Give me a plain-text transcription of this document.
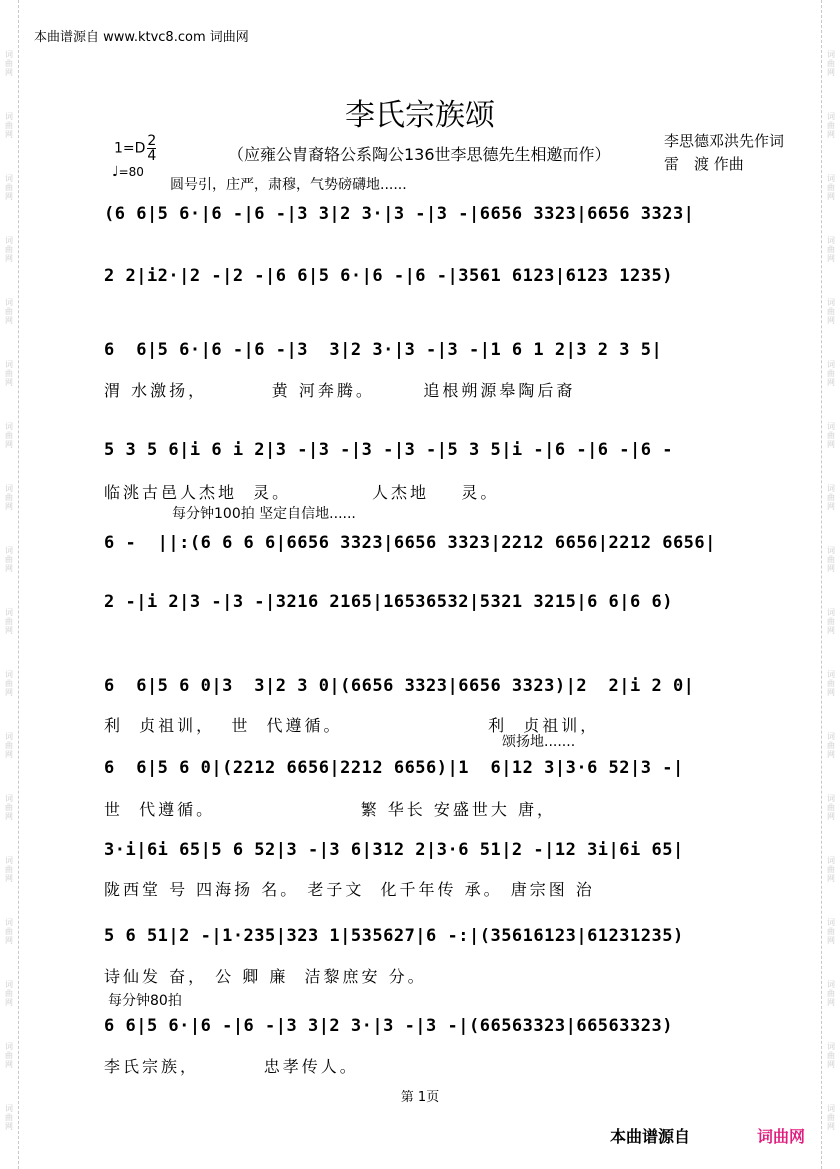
词
曲
网
词
曲
网
词
曲
网
词
曲
网
词
曲
网
词
曲
网
词
曲
网
词
曲
网
词
曲
网
词
曲
网
词
曲
网
词
曲
网
词
曲
网
词
曲
网
词
曲
网
词
曲
网
词
曲
网
词
曲
网
词
曲
网
词
曲
网
词
曲
网
词
曲
网
词
曲
网
词
曲
网
词
曲
网
词
曲
网
词
曲
网
词
曲
网
词
曲
网
词
曲
网
词
曲
网
词
曲
网
词
曲
网
词
曲
网
词
曲
网
词
曲
网
本曲谱源自 www.ktvc8.com 词曲网
李氏宗族颂
$1=D \frac{2}{4}$
♩=80
（应雍公胄裔辂公系陶公136世李思德先生相邀而作）
李思德邓洪先作词
雷　渡 作曲
圆号引，庄严，肃穆，气势磅礴地......
(6 6|5 6·|6 -|6 -|3 3|2 3·|3 -|3 -|6656 3323|6656 3323|
2 2|i2·|2 -|2 -|6 6|5 6·|6 -|6 -|3561 6123|6123 1235)
6  6|5 6·|6 -|6 -|3  3|2 3·|3 -|3 -|1 6 1 2|3 2 3 5|
渭 水激扬，        黄 河奔腾。      追根朔源皋陶后裔
5 3 5 6|i 6 i 2|3 -|3 -|3 -|3 -|5 3 5|i -|6 -|6 -|6 -
临洮古邑人杰地  灵。          人杰地    灵。
每分钟100拍 坚定自信地......
6 -  ||:(6 6 6 6|6656 3323|6656 3323|2212 6656|2212 6656|
2 -|i 2|3 -|3 -|3216 2165|16536532|5321 3215|6 6|6 6)
6  6|5 6 0|3  3|2 3 0|(6656 3323|6656 3323)|2  2|i 2 0|
利  贞祖训，  世  代遵循。                  利  贞祖训，
颂扬地.......
6  6|5 6 0|(2212 6656|2212 6656)|1  6|12 3|3·6 52|3 -|
世  代遵循。                  繁 华长 安盛世大 唐，
3·i|6i 65|5 6 52|3 -|3 6|312 2|3·6 51|2 -|12 3i|6i 65|
陇西堂 号 四海扬 名。 老子文  化千年传 承。 唐宗图 治
5 6 51|2 -|1·235|323 1|535627|6 -:|(35616123|61231235)
诗仙发 奋， 公 卿 廉  洁黎庶安 分。
每分钟80拍
6 6|5 6·|6 -|6 -|3 3|2 3·|3 -|3 -|(66563323|66563323)
李氏宗族，        忠孝传人。
第 1页
本曲谱源自	词曲网
